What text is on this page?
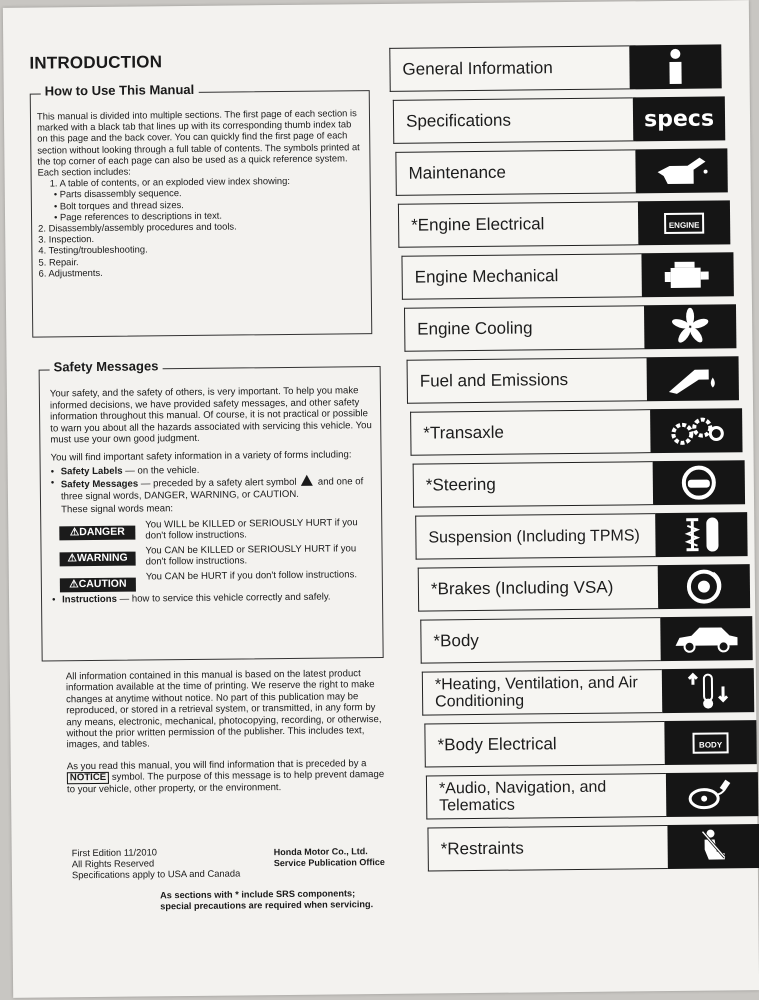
INTRODUCTION
How to Use This Manual

This manual is divided into multiple sections. The first page of each section is marked with a black tab that lines up with its corresponding thumb index tab on this page and the back cover. You can quickly find the first page of each section without looking through a full table of contents. The symbols printed at the top corner of each page can also be used as a quick reference system.

Each section includes:
1. A table of contents, or an exploded view index showing:
• Parts disassembly sequence.
• Bolt torques and thread sizes.
• Page references to descriptions in text.
2. Disassembly/assembly procedures and tools.
3. Inspection.
4. Testing/troubleshooting.
5. Repair.
6. Adjustments.
Safety Messages

Your safety, and the safety of others, is very important. To help you make informed decisions, we have provided safety messages, and other safety information throughout this manual. Of course, it is not practical or possible to warn you about all the hazards associated with servicing this vehicle. You must use your own good judgment.

You will find important safety information in a variety of forms including:

• Safety Labels — on the vehicle.
• Safety Messages — preceded by a safety alert symbol  and one of three signal words, DANGER, WARNING, or CAUTION.
These signal words mean:
⚠DANGER
You WILL be KILLED or SERIOUSLY HURT if you don't follow instructions.
⚠WARNING
You CAN be KILLED or SERIOUSLY HURT if you don't follow instructions.
⚠CAUTION
You CAN be HURT if you don't follow instructions.
• Instructions — how to service this vehicle correctly and safely.

All information contained in this manual is based on the latest product information available at the time of printing. We reserve the right to make changes at anytime without notice. No part of this publication may be reproduced, or stored in a retrieval system, or transmitted, in any form by any means, electronic, mechanical, photocopying, recording, or otherwise, without the prior written permission of the publisher. This includes text, images, and tables.

As you read this manual, you will find information that is preceded by a NOTICE symbol. The purpose of this message is to help prevent damage to your vehicle, other property, or the environment.

First Edition 11/2010
All Rights Reserved
Specifications apply to USA and Canada
Honda Motor Co., Ltd.
Service Publication Office
As sections with * include SRS components;
special precautions are required when servicing.
General Information
Specifications	specs
Maintenance
*Engine Electrical	ENGINE
Engine Mechanical
Engine Cooling
Fuel and Emissions
*Transaxle
*Steering
Suspension (Including TPMS)
*Brakes (Including VSA)
*Body
*Heating, Ventilation, and Air Conditioning
*Body Electrical	BODY
*Audio, Navigation, and Telematics
*Restraints
